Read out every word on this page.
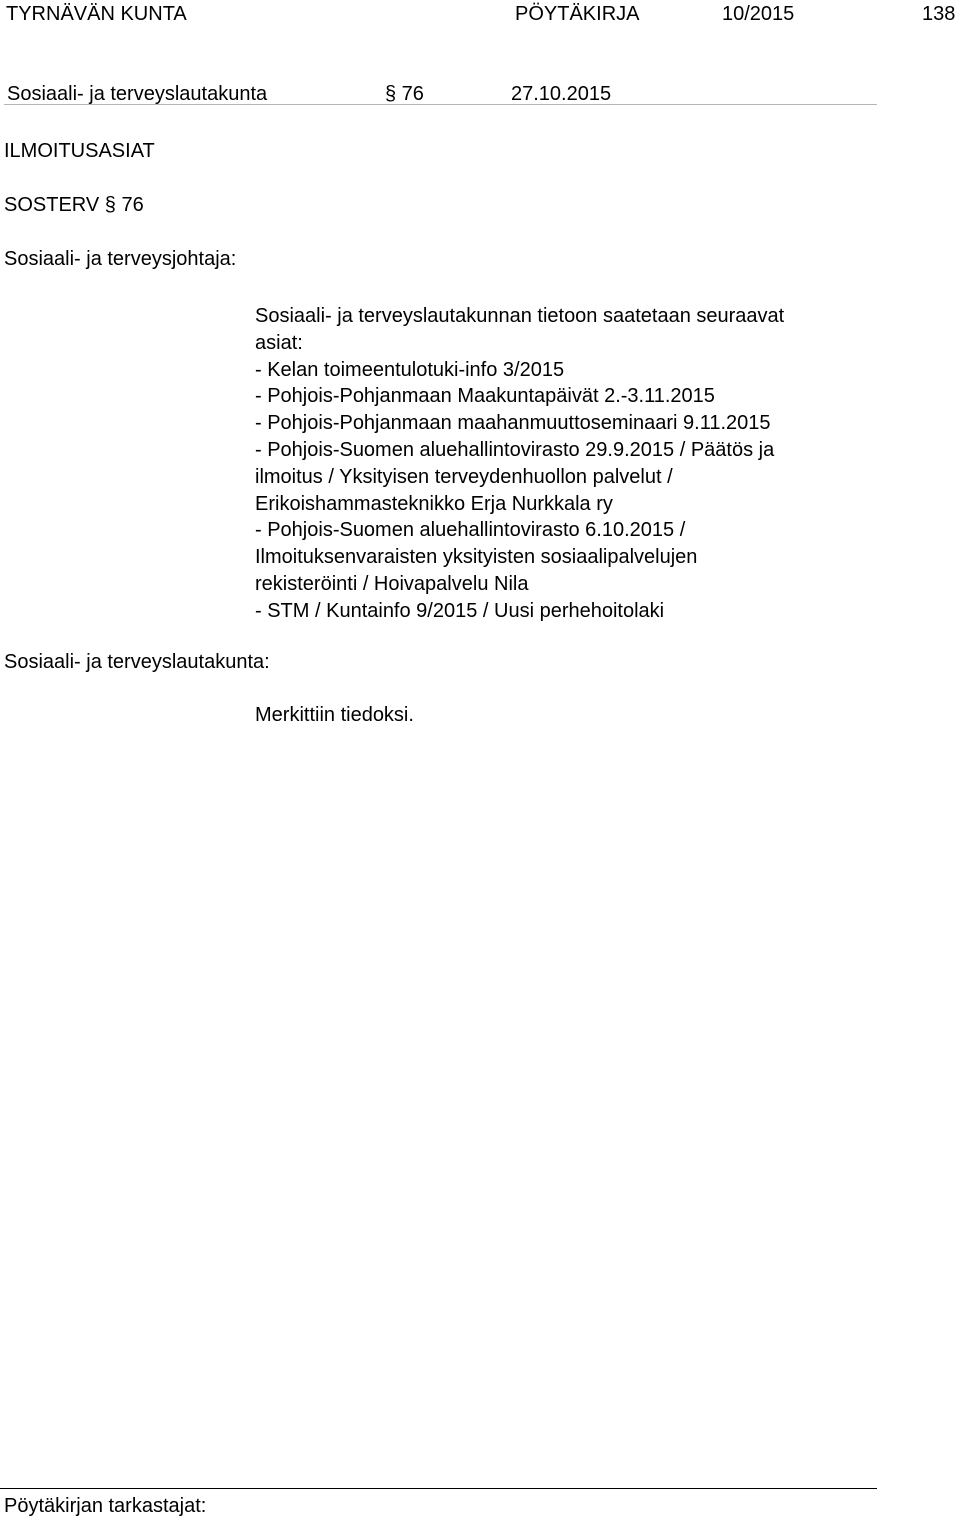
TYRNÄVÄN KUNTA	PÖYTÄKIRJA	10/2015	138
Sosiaali- ja terveyslautakunta	§ 76	27.10.2015
ILMOITUSASIAT
SOSTERV § 76
Sosiaali- ja terveysjohtaja:
Sosiaali- ja terveyslautakunnan tietoon saatetaan seuraavat
asiat:
- Kelan toimeentulotuki-info 3/2015
- Pohjois-Pohjanmaan Maakuntapäivät 2.-3.11.2015
- Pohjois-Pohjanmaan maahanmuuttoseminaari 9.11.2015
- Pohjois-Suomen aluehallintovirasto 29.9.2015 / Päätös ja
ilmoitus / Yksityisen terveydenhuollon palvelut /
Erikoishammasteknikko Erja Nurkkala ry
- Pohjois-Suomen aluehallintovirasto 6.10.2015 /
Ilmoituksenvaraisten yksityisten sosiaalipalvelujen
rekisteröinti / Hoivapalvelu Nila
- STM / Kuntainfo 9/2015 / Uusi perhehoitolaki
Sosiaali- ja terveyslautakunta:
Merkittiin tiedoksi.
Pöytäkirjan tarkastajat:
